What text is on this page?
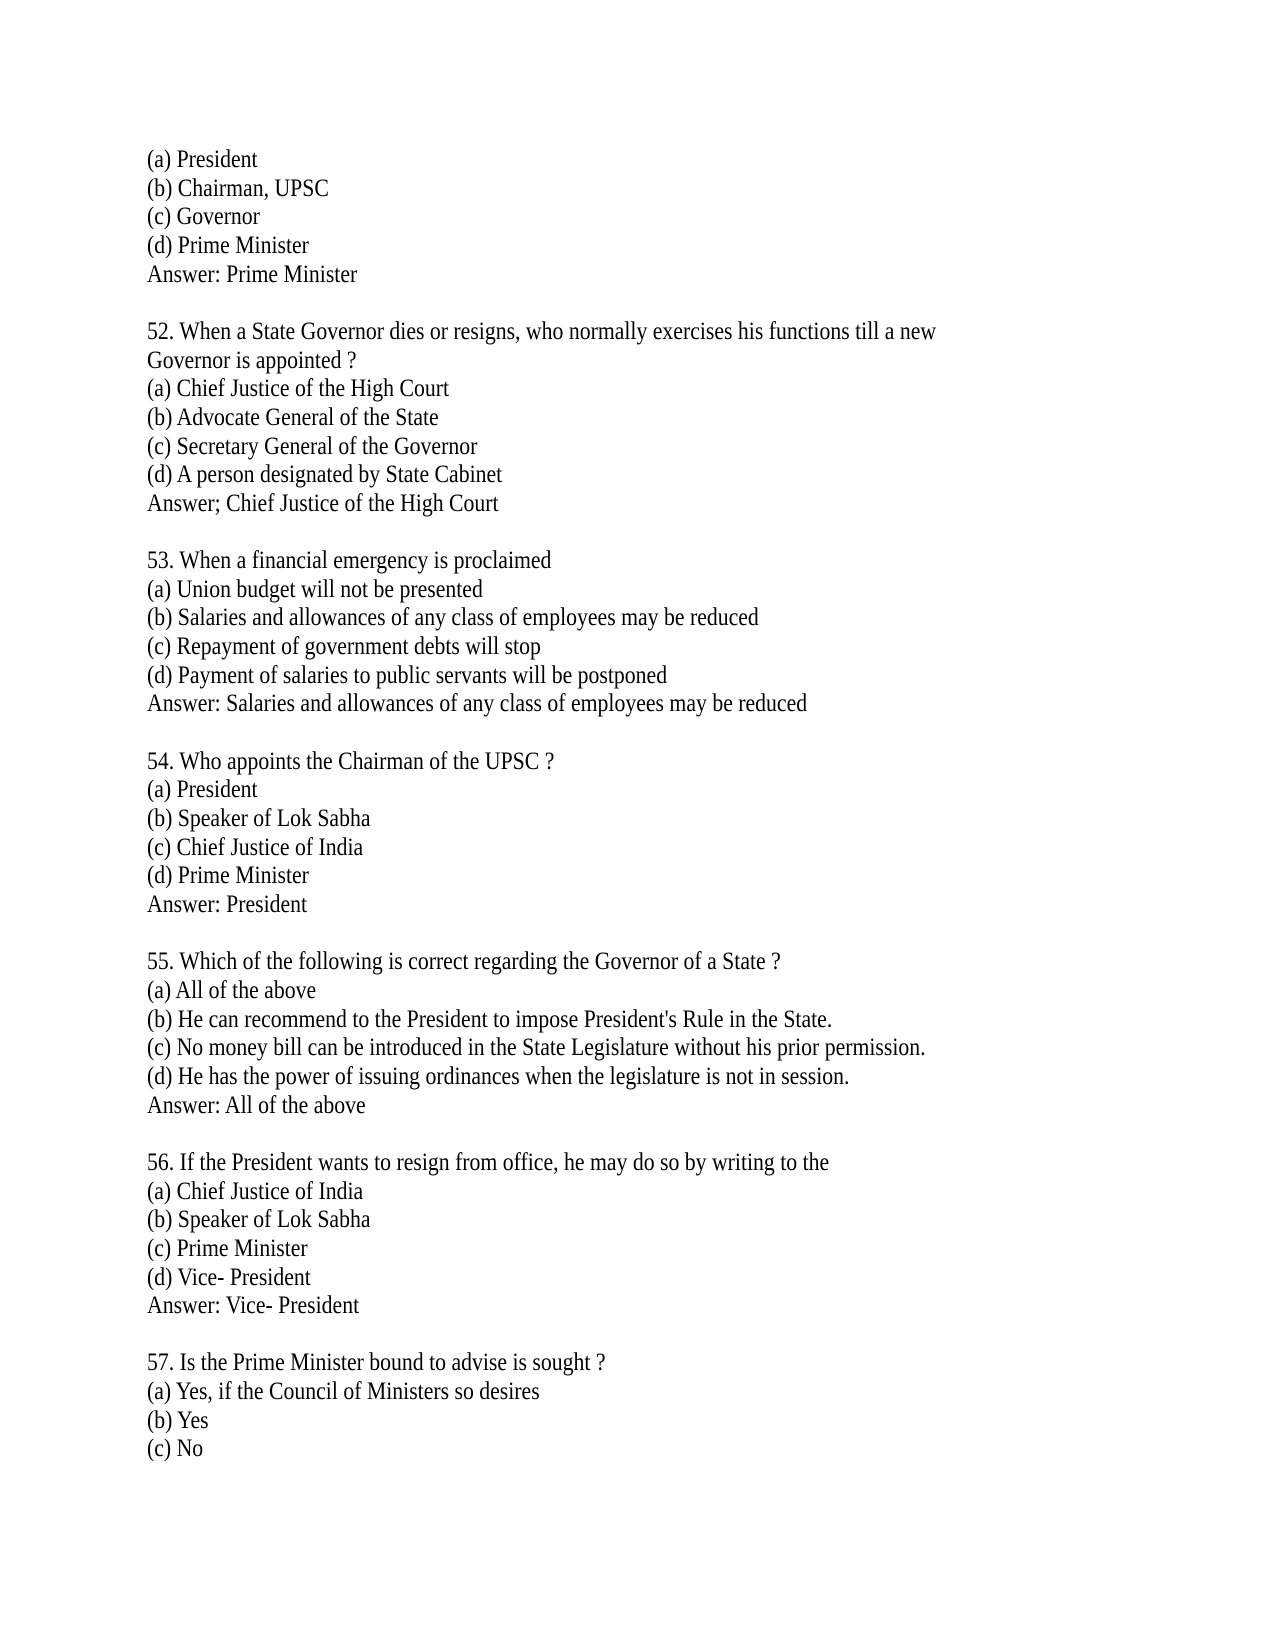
(a) President
(b) Chairman, UPSC
(c) Governor
(d) Prime Minister
Answer: Prime Minister
52. When a State Governor dies or resigns, who normally exercises his functions till a new
Governor is appointed ?
(a) Chief Justice of the High Court
(b) Advocate General of the State
(c) Secretary General of the Governor
(d) A person designated by State Cabinet
Answer; Chief Justice of the High Court
53. When a financial emergency is proclaimed
(a) Union budget will not be presented
(b) Salaries and allowances of any class of employees may be reduced
(c) Repayment of government debts will stop
(d) Payment of salaries to public servants will be postponed
Answer: Salaries and allowances of any class of employees may be reduced
54. Who appoints the Chairman of the UPSC ?
(a) President
(b) Speaker of Lok Sabha
(c) Chief Justice of India
(d) Prime Minister
Answer: President
55. Which of the following is correct regarding the Governor of a State ?
(a) All of the above
(b) He can recommend to the President to impose President's Rule in the State.
(c) No money bill can be introduced in the State Legislature without his prior permission.
(d) He has the power of issuing ordinances when the legislature is not in session.
Answer: All of the above
56. If the President wants to resign from office, he may do so by writing to the
(a) Chief Justice of India
(b) Speaker of Lok Sabha
(c) Prime Minister
(d) Vice- President
Answer: Vice- President
57. Is the Prime Minister bound to advise is sought ?
(a) Yes, if the Council of Ministers so desires
(b) Yes
(c) No
